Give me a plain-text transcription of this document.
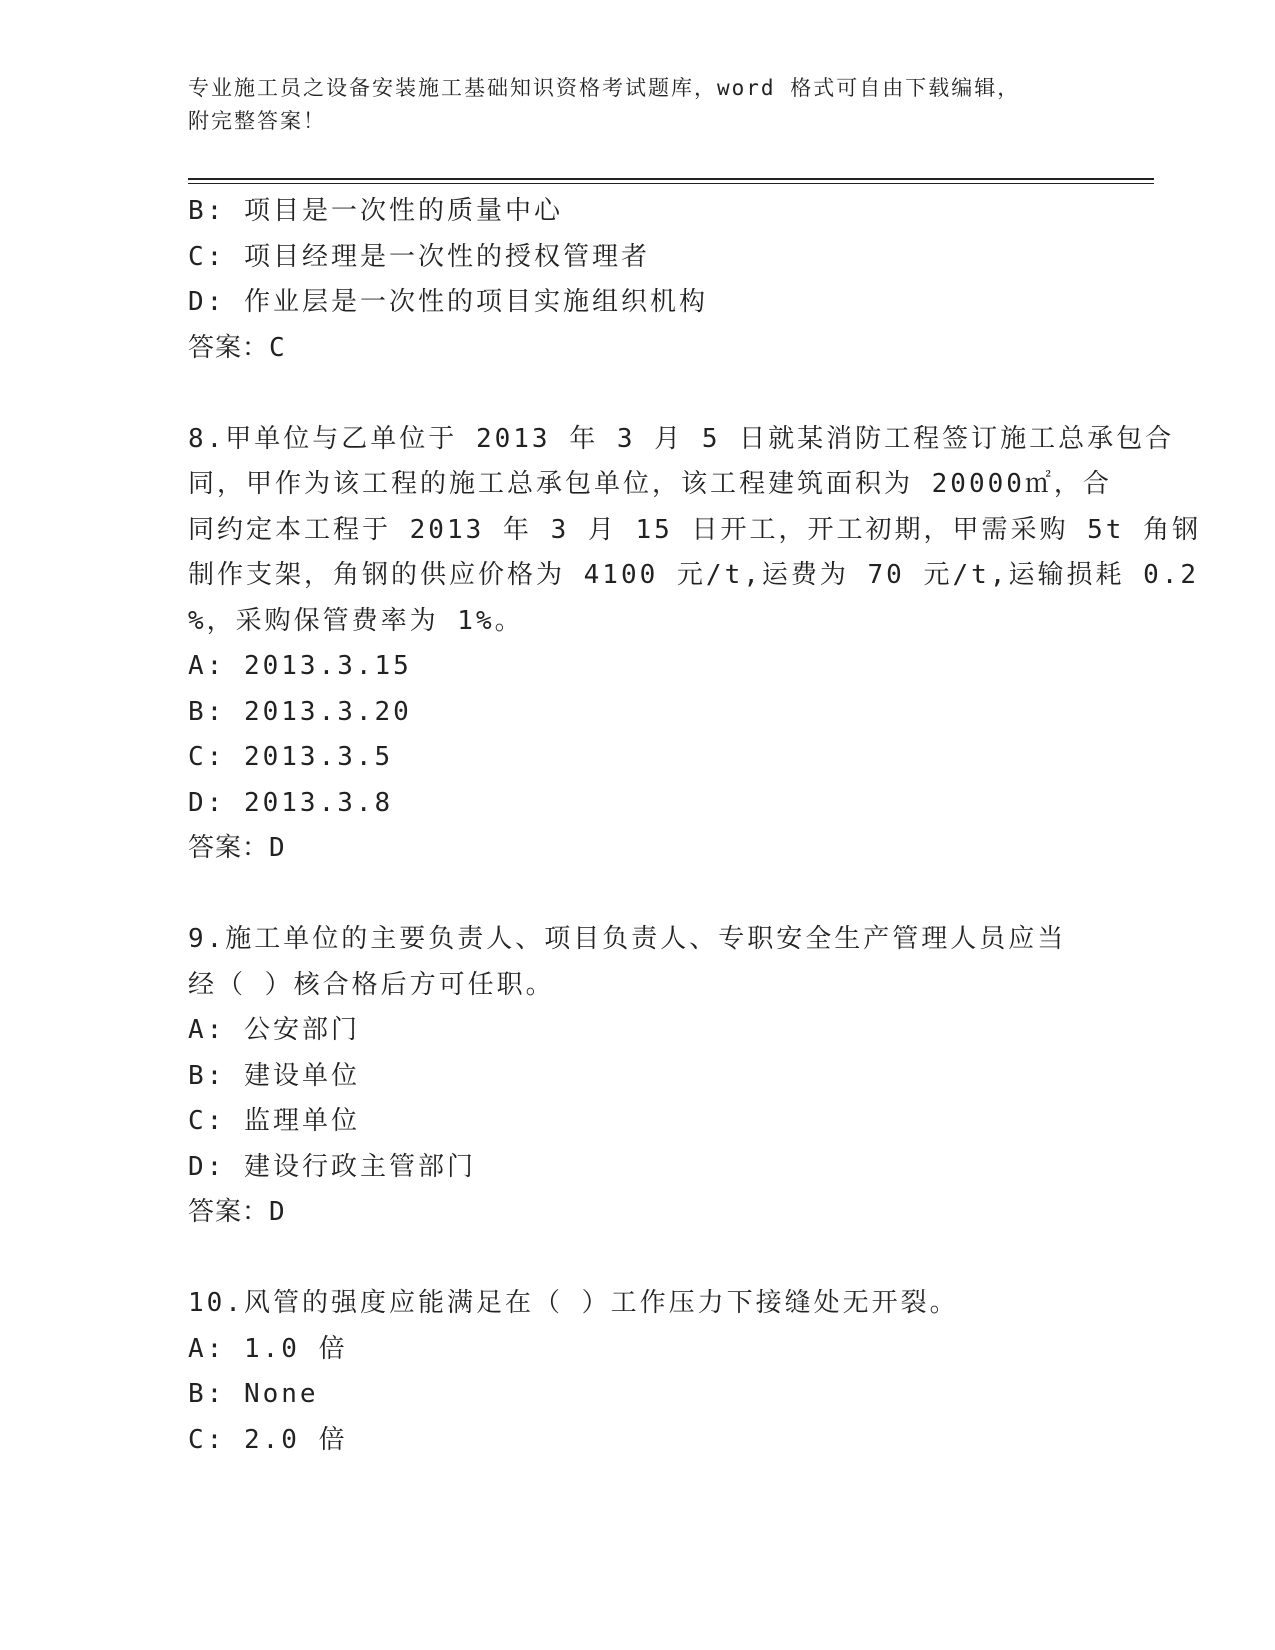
专业施工员之设备安装施工基础知识资格考试题库，word 格式可自由下载编辑，
附完整答案！
B: 项目是一次性的质量中心
C: 项目经理是一次性的授权管理者
D: 作业层是一次性的项目实施组织机构
答案：C
8.甲单位与乙单位于 2013 年 3 月 5 日就某消防工程签订施工总承包合
同，甲作为该工程的施工总承包单位，该工程建筑面积为 20000㎡，合
同约定本工程于 2013 年 3 月 15 日开工，开工初期，甲需采购 5t 角钢
制作支架，角钢的供应价格为 4100 元/t,运费为 70 元/t,运输损耗 0.2
%，采购保管费率为 1%。
A: 2013.3.15
B: 2013.3.20
C: 2013.3.5
D: 2013.3.8
答案：D
9.施工单位的主要负责人、项目负责人、专职安全生产管理人员应当
经（ ）核合格后方可任职。
A: 公安部门
B: 建设单位
C: 监理单位
D: 建设行政主管部门
答案：D
10.风管的强度应能满足在（ ）工作压力下接缝处无开裂。
A: 1.0 倍
B: None
C: 2.0 倍
